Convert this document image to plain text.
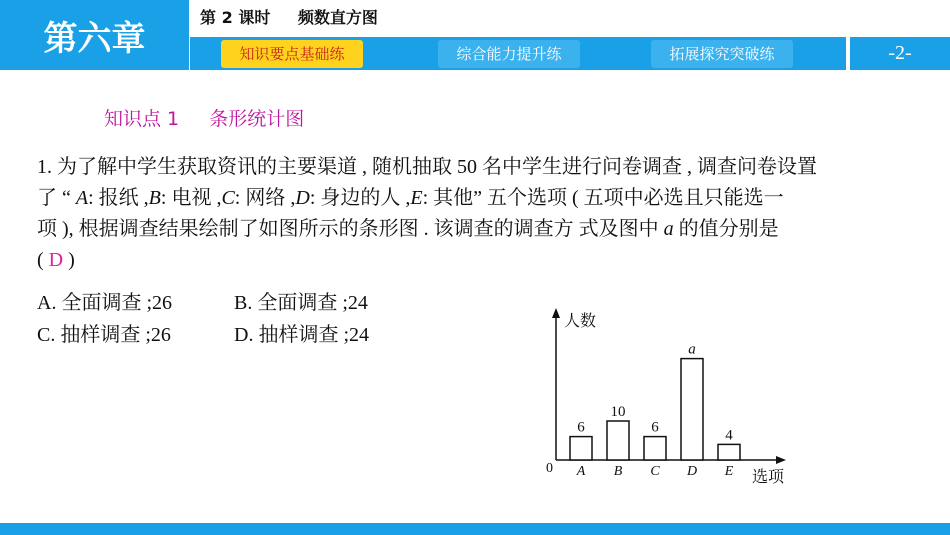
第六章
第 2 课时 频数直方图
知识要点基础练	综合能力提升练	拓展探究突破练	-2-
知识点 1 条形统计图
1. 为了解中学生获取资讯的主要渠道 , 随机抽取 50 名中学生进行问卷调查 , 调查问卷设置
了 “ A: 报纸 ,B: 电视 ,C: 网络 ,D: 身边的人 ,E: 其他” 五个选项 ( 五项中必选且只能选一
项 ), 根据调查结果绘制了如图所示的条形图 . 该调查的调查方 式及图中 a 的值分别是
( D )
A. 全面调查 ;26	B. 全面调查 ;24
C. 抽样调查 ;26	D. 抽样调查 ;24
人数
选项
0
6
A
10
B
6
C
a
D
4
E
